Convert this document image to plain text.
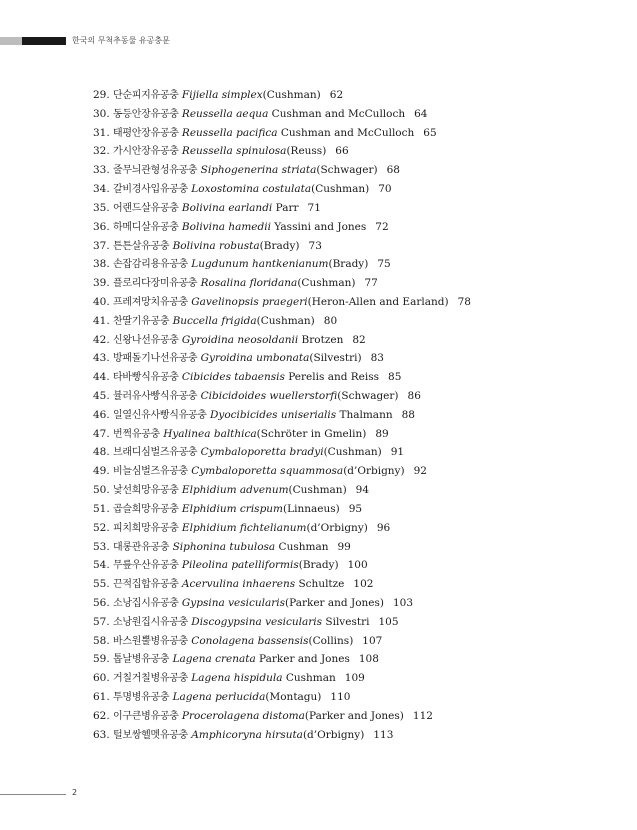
한국의 무척추동물 유공충문
29. 단순피지유공충 Fijiella simplex(Cushman) 62
30. 동등안장유공충 Reussella aequa Cushman and McCulloch 64
31. 태평안장유공충 Reussella pacifica Cushman and McCulloch 65
32. 가시안장유공충 Reussella spinulosa(Reuss) 66
33. 줄무늬관형성유공충 Siphogenerina striata(Schwager) 68
34. 갈비경사입유공충 Loxostomina costulata(Cushman) 70
35. 어랜드살유공충 Bolivina earlandi Parr 71
36. 하메디살유공충 Bolivina hamedii Yassini and Jones 72
37. 튼튼살유공충 Bolivina robusta(Brady) 73
38. 손잡감리용유공충 Lugdunum hantkenianum(Brady) 75
39. 플로리다장미유공충 Rosalina floridana(Cushman) 77
40. 프레져망치유공충 Gavelinopsis praegeri(Heron-Allen and Earland) 78
41. 찬딸기유공충 Buccella frigida(Cushman) 80
42. 신왕나선유공충 Gyroidina neosoldanii Brotzen 82
43. 방패돌기나선유공충 Gyroidina umbonata(Silvestri) 83
44. 타바빵식유공충 Cibicides tabaensis Perelis and Reiss 85
45. 뷸러유사빵식유공충 Cibicidoides wuellerstorfi(Schwager) 86
46. 일열신유사빵식유공충 Dyocibicides uniserialis Thalmann 88
47. 번쩍유공충 Hyalinea balthica(Schröter in Gmelin) 89
48. 브래디심벌즈유공충 Cymbaloporetta bradyi(Cushman) 91
49. 비늘심벌즈유공충 Cymbaloporetta squammosa(d’Orbigny) 92
50. 낯선희망유공충 Elphidium advenum(Cushman) 94
51. 곱슬희망유공충 Elphidium crispum(Linnaeus) 95
52. 피치희망유공충 Elphidium fichtelianum(d’Orbigny) 96
53. 대롱관유공충 Siphonina tubulosa Cushman 99
54. 무릎우산유공충 Pileolina patelliformis(Brady) 100
55. 끈적집합유공충 Acervulina inhaerens Schultze 102
56. 소낭집시유공충 Gypsina vesicularis(Parker and Jones) 103
57. 소낭원집시유공충 Discogypsina vesicularis Silvestri 105
58. 바스원뿔병유공충 Conolagena bassensis(Collins) 107
59. 톱날병유공충 Lagena crenata Parker and Jones 108
60. 거칠거칠병유공충 Lagena hispidula Cushman 109
61. 투명병유공충 Lagena perlucida(Montagu) 110
62. 이구큰병유공충 Procerolagena distoma(Parker and Jones) 112
63. 털보쌍헬멧유공충 Amphicoryna hirsuta(d’Orbigny) 113
2
